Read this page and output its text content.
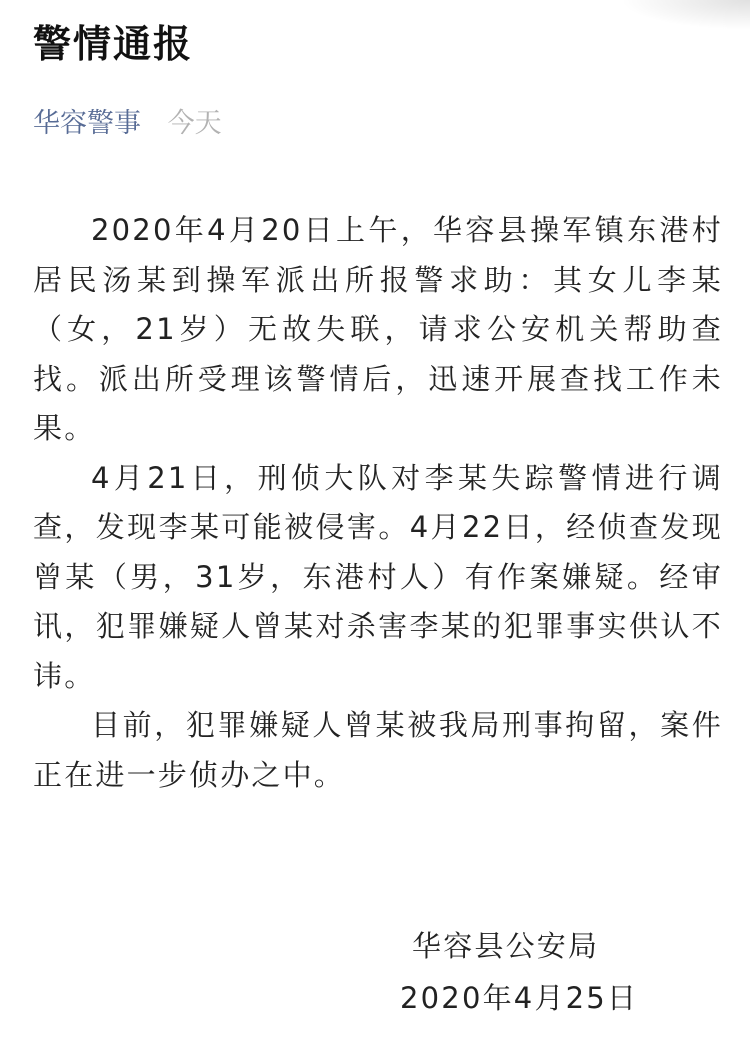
警情通报
华容警事 今天

2020年4月20日上午，华容县操军镇东港村居民汤某到操军派出所报警求助：其女儿李某（女，21岁）无故失联，请求公安机关帮助查找。派出所受理该警情后，迅速开展查找工作未果。

4月21日，刑侦大队对李某失踪警情进行调查，发现李某可能被侵害。4月22日，经侦查发现曾某（男，31岁，东港村人）有作案嫌疑。经审讯，犯罪嫌疑人曾某对杀害李某的犯罪事实供认不讳。

目前，犯罪嫌疑人曾某被我局刑事拘留，案件正在进一步侦办之中。

华容县公安局
2020年4月25日
